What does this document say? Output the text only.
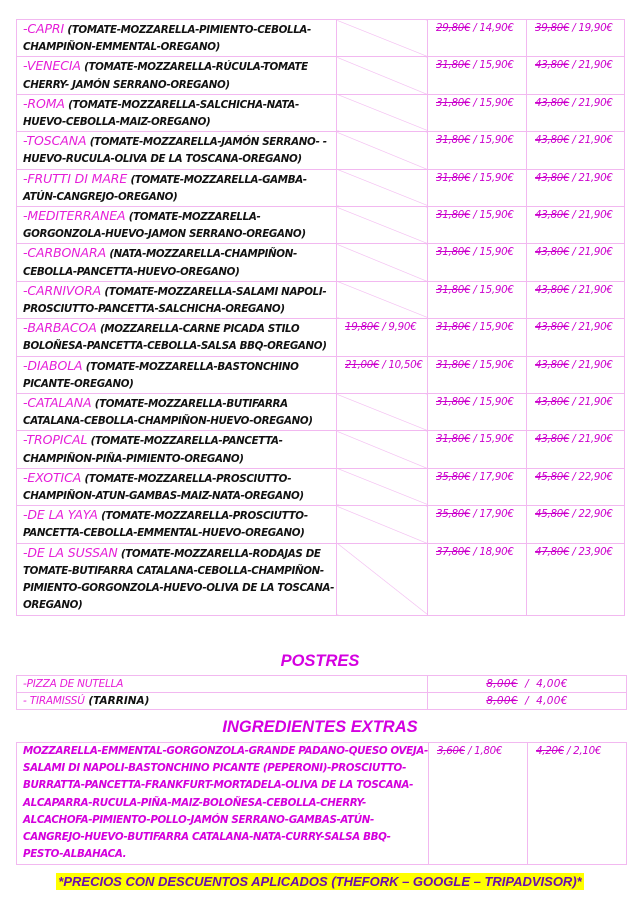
-CAPRI (TOMATE-MOZZARELLA-PIMIENTO-CEBOLLA-CHAMPIÑON-EMMENTAL-OREGANO)		29,80€ / 14,90€	39,80€ / 19,90€
-VENECIA (TOMATE-MOZZARELLA-RÚCULA-TOMATE CHERRY- JAMÓN SERRANO-OREGANO)		31,80€ / 15,90€	43,80€ / 21,90€
-ROMA (TOMATE-MOZZARELLA-SALCHICHA-NATA-HUEVO-CEBOLLA-MAIZ-OREGANO)		31,80€ / 15,90€	43,80€ / 21,90€
-TOSCANA (TOMATE-MOZZARELLA-JAMÓN SERRANO- -HUEVO-RUCULA-OLIVA DE LA TOSCANA-OREGANO)		31,80€ / 15,90€	43,80€ / 21,90€
-FRUTTI DI MARE (TOMATE-MOZZARELLA-GAMBA-ATÚN-CANGREJO-OREGANO)		31,80€ / 15,90€	43,80€ / 21,90€
-MEDITERRANEA (TOMATE-MOZZARELLA-GORGONZOLA-HUEVO-JAMON SERRANO-OREGANO)		31,80€ / 15,90€	43,80€ / 21,90€
-CARBONARA (NATA-MOZZARELLA-CHAMPIÑON-CEBOLLA-PANCETTA-HUEVO-OREGANO)		31,80€ / 15,90€	43,80€ / 21,90€
-CARNIVORA (TOMATE-MOZZARELLA-SALAMI NAPOLI-PROSCIUTTO-PANCETTA-SALCHICHA-OREGANO)		31,80€ / 15,90€	43,80€ / 21,90€
-BARBACOA (MOZZARELLA-CARNE PICADA STILO BOLOÑESA-PANCETTA-CEBOLLA-SALSA BBQ-OREGANO)	19,80€ / 9,90€	31,80€ / 15,90€	43,80€ / 21,90€
-DIABOLA (TOMATE-MOZZARELLA-BASTONCHINO PICANTE-OREGANO)	21,00€ / 10,50€	31,80€ / 15,90€	43,80€ / 21,90€
-CATALANA (TOMATE-MOZZARELLA-BUTIFARRA CATALANA-CEBOLLA-CHAMPIÑON-HUEVO-OREGANO)		31,80€ / 15,90€	43,80€ / 21,90€
-TROPICAL (TOMATE-MOZZARELLA-PANCETTA-CHAMPIÑON-PIÑA-PIMIENTO-OREGANO)		31,80€ / 15,90€	43,80€ / 21,90€
-EXOTICA (TOMATE-MOZZARELLA-PROSCIUTTO-CHAMPIÑON-ATUN-GAMBAS-MAIZ-NATA-OREGANO)		35,80€ / 17,90€	45,80€ / 22,90€
-DE LA YAYA (TOMATE-MOZZARELLA-PROSCIUTTO-PANCETTA-CEBOLLA-EMMENTAL-HUEVO-OREGANO)		35,80€ / 17,90€	45,80€ / 22,90€
-DE LA SUSSAN (TOMATE-MOZZARELLA-RODAJAS DE TOMATE-BUTIFARRA CATALANA-CEBOLLA-CHAMPIÑON-PIMIENTO-GORGONZOLA-HUEVO-OLIVA DE LA TOSCANA-OREGANO)		37,80€ / 18,90€	47,80€ / 23,90€
POSTRES
-PIZZA DE NUTELLA	8,00€  /  4,00€
- TIRAMISSÚ (TARRINA)	8,00€  /  4,00€
INGREDIENTES EXTRAS
MOZZARELLA-EMMENTAL-GORGONZOLA-GRANDE PADANO-QUESO OVEJA-SALAMI DI NAPOLI-BASTONCHINO PICANTE (PEPERONI)-PROSCIUTTO-BURRATTA-PANCETTA-FRANKFURT-MORTADELA-OLIVA DE LA TOSCANA-ALCAPARRA-RUCULA-PIÑA-MAIZ-BOLOÑESA-CEBOLLA-CHERRY-ALCACHOFA-PIMIENTO-POLLO-JAMÓN SERRANO-GAMBAS-ATÚN-CANGREJO-HUEVO-BUTIFARRA CATALANA-NATA-CURRY-SALSA BBQ-PESTO-ALBAHACA.	3,60€ / 1,80€	4,20€ / 2,10€
*PRECIOS CON DESCUENTOS APLICADOS (THEFORK – GOOGLE – TRIPADVISOR)*
